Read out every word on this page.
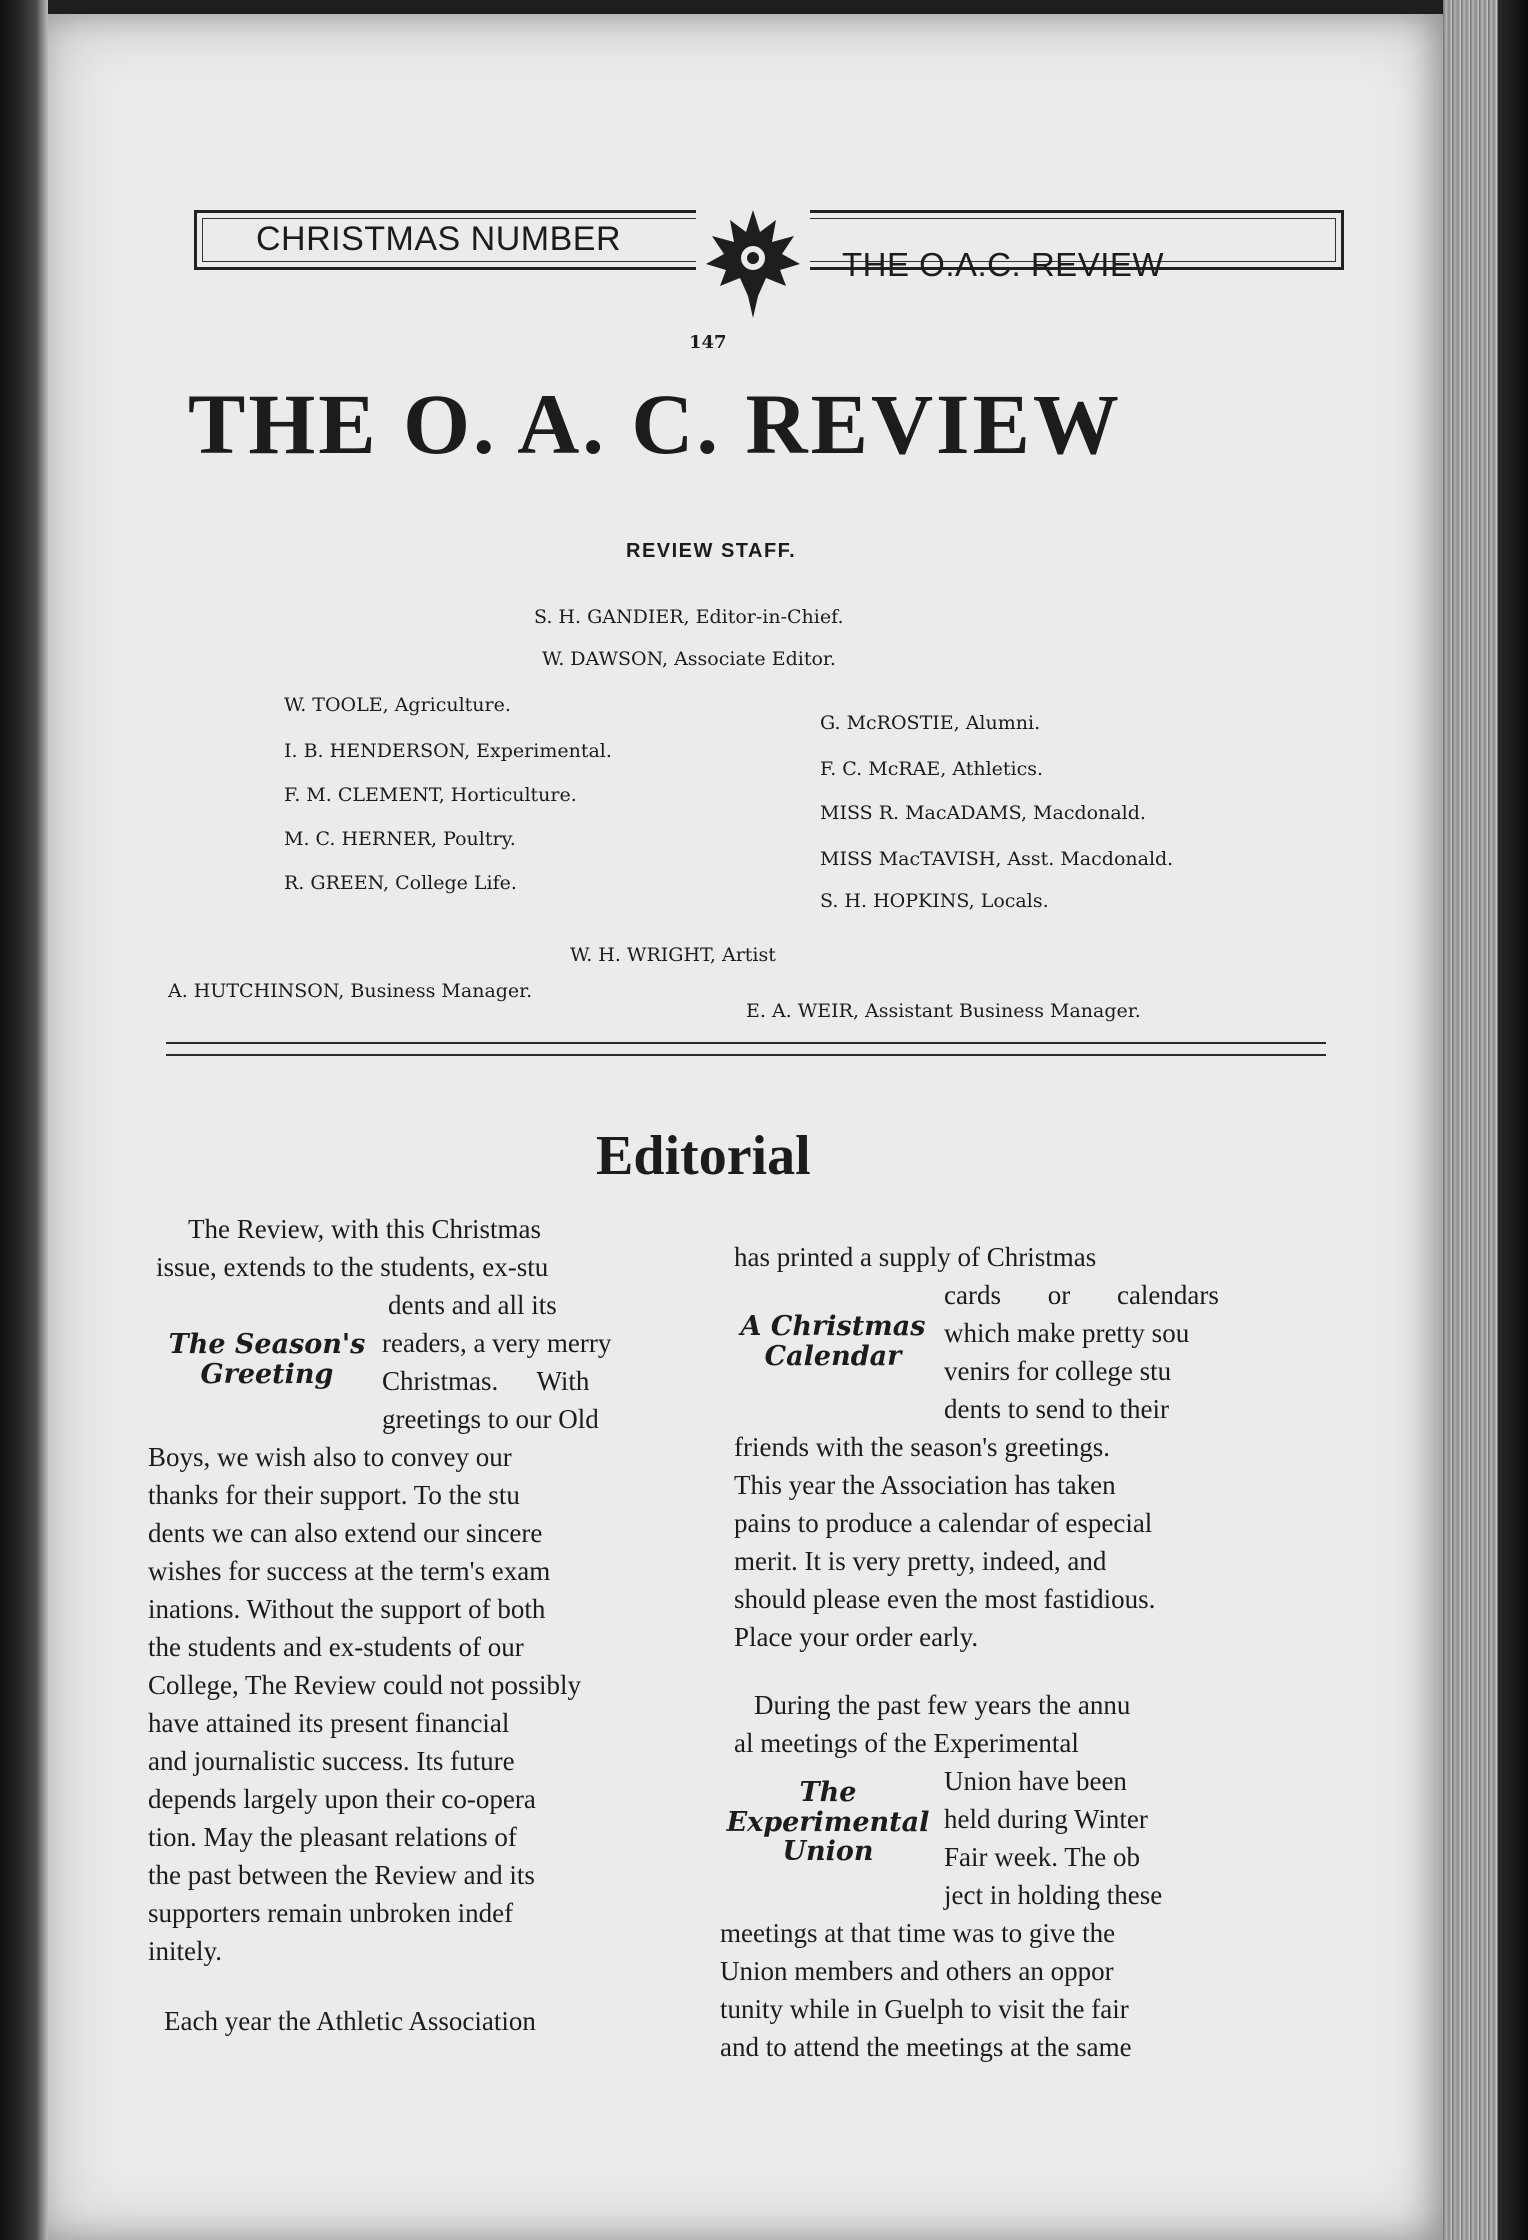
CHRISTMAS NUMBER
THE O.A.C. REVIEW
147
THE O. A. C. REVIEW
REVIEW STAFF.
S. H. GANDIER, Editor-in-Chief.
W. DAWSON, Associate Editor.
W. TOOLE, Agriculture.
I. B. HENDERSON, Experimental.
F. M. CLEMENT, Horticulture.
M. C. HERNER, Poultry.
R. GREEN, College Life.
G. McROSTIE, Alumni.
F. C. McRAE, Athletics.
MISS R. MacADAMS, Macdonald.
MISS MacTAVISH, Asst. Macdonald.
S. H. HOPKINS, Locals.
W. H. WRIGHT, Artist
A. HUTCHINSON, Business Manager.
E. A. WEIR, Assistant Business Manager.
Editorial
The Review, with this Christmas
issue, extends to the students, ex-stu
dents and all its
readers, a very merry
Christmas. With
greetings to our Old
Boys, we wish also to convey our
thanks for their support. To the stu
dents we can also extend our sincere
wishes for success at the term's exam
inations. Without the support of both
the students and ex-students of our
College, The Review could not possibly
have attained its present financial
and journalistic success. Its future
depends largely upon their co-opera
tion. May the pleasant relations of
the past between the Review and its
supporters remain unbroken indef
initely.
Each year the Athletic Association
The Season's
Greeting
has printed a supply of Christmas
cards or calendars
which make pretty sou
venirs for college stu
dents to send to their
friends with the season's greetings.
This year the Association has taken
pains to produce a calendar of especial
merit. It is very pretty, indeed, and
should please even the most fastidious.
Place your order early.
During the past few years the annu
al meetings of the Experimental
Union have been
held during Winter
Fair week. The ob
ject in holding these
meetings at that time was to give the
Union members and others an oppor
tunity while in Guelph to visit the fair
and to attend the meetings at the same
A Christmas
Calendar
The
Experimental
Union
